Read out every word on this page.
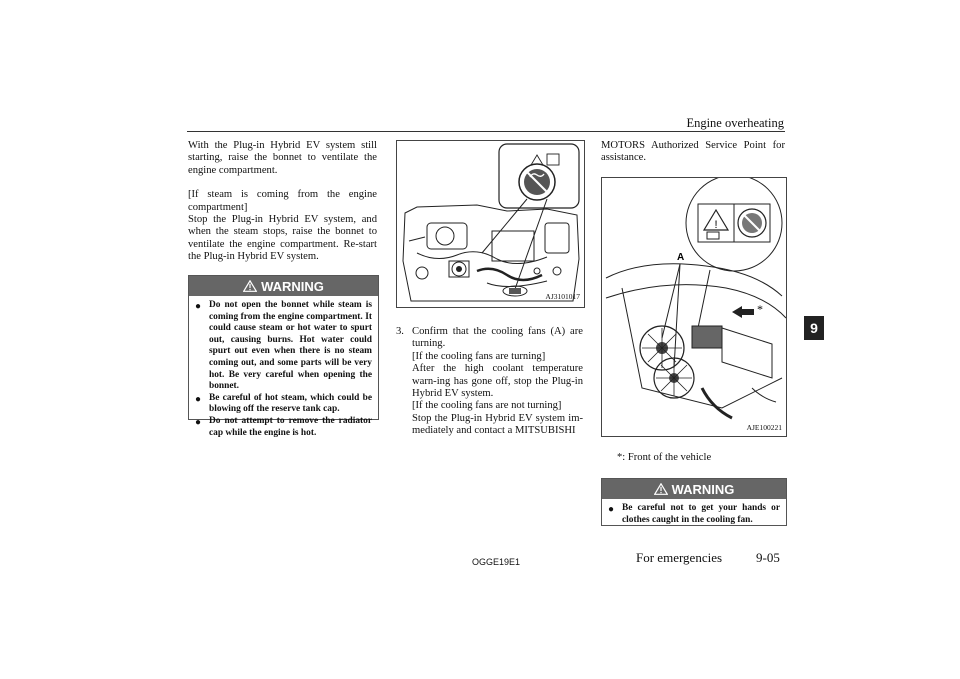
Engine overheating
9

With the Plug-in Hybrid EV system still starting, raise the bonnet to ventilate the engine compartment.

[If steam is coming from the engine compartment]

Stop the Plug-in Hybrid EV system, and when the steam stops, raise the bonnet to ventilate the engine compartment. Re-start the Plug-in Hybrid EV system.

WARNING
● Do not open the bonnet while steam is coming from the engine compartment. It could cause steam or hot water to spurt out, causing burns. Hot water could spurt out even when there is no steam coming out, and some parts will be very hot. Be very careful when opening the bonnet.
● Be careful of hot steam, which could be blowing off the reserve tank cap.
● Do not attempt to remove the radiator cap while the engine is hot.
AJ3101017
3. Confirm that the cooling fans (A) are turning.
[If the cooling fans are turning]
After the high coolant temperature warn-ing has gone off, stop the Plug-in Hybrid EV system.
[If the cooling fans are not turning]
Stop the Plug-in Hybrid EV system im-mediately and contact a MITSUBISHI
MOTORS Authorized Service Point for assistance.
!
A
*
AJE100221
*: Front of the vehicle
WARNING
● Be careful not to get your hands or clothes caught in the cooling fan.
OGGE19E1	For emergencies	9-05
